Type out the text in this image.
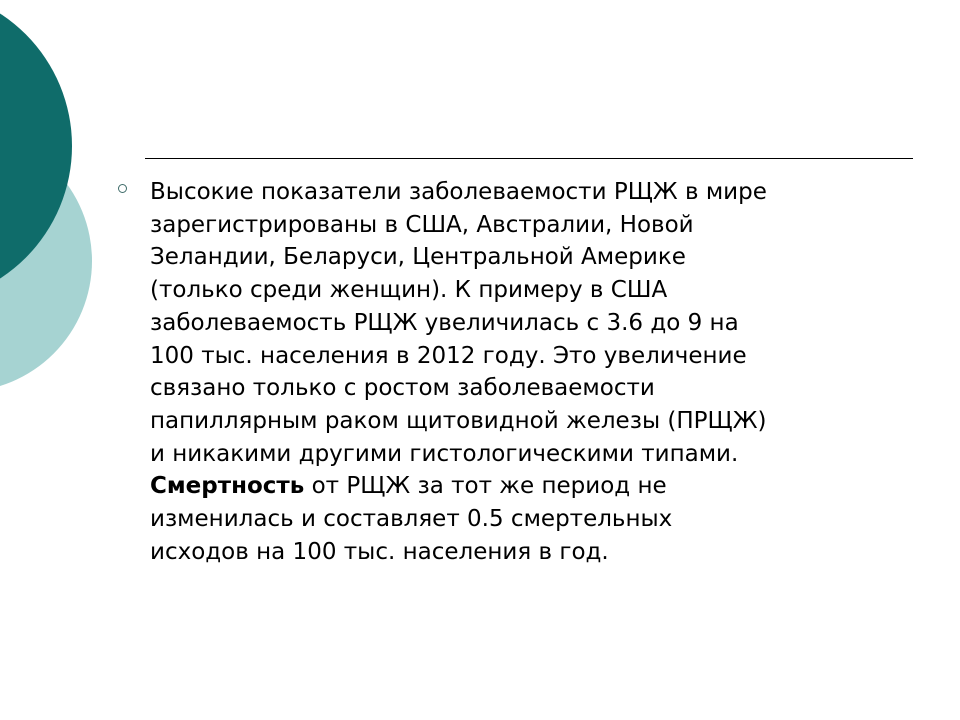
Высокие показатели заболеваемости РЩЖ в мире
зарегистрированы в США, Австралии, Новой
Зеландии, Беларуси, Центральной Америке
(только среди женщин). К примеру в США
заболеваемость РЩЖ увеличилась с 3.6 до 9 на
100 тыс. населения в 2012 году. Это увеличение
связано только с ростом заболеваемости
папиллярным раком щитовидной железы (ПРЩЖ)
и никакими другими гистологическими типами.
Смертность от РЩЖ за тот же период не
изменилась и составляет 0.5 смертельных
исходов на 100 тыс. населения в год.
